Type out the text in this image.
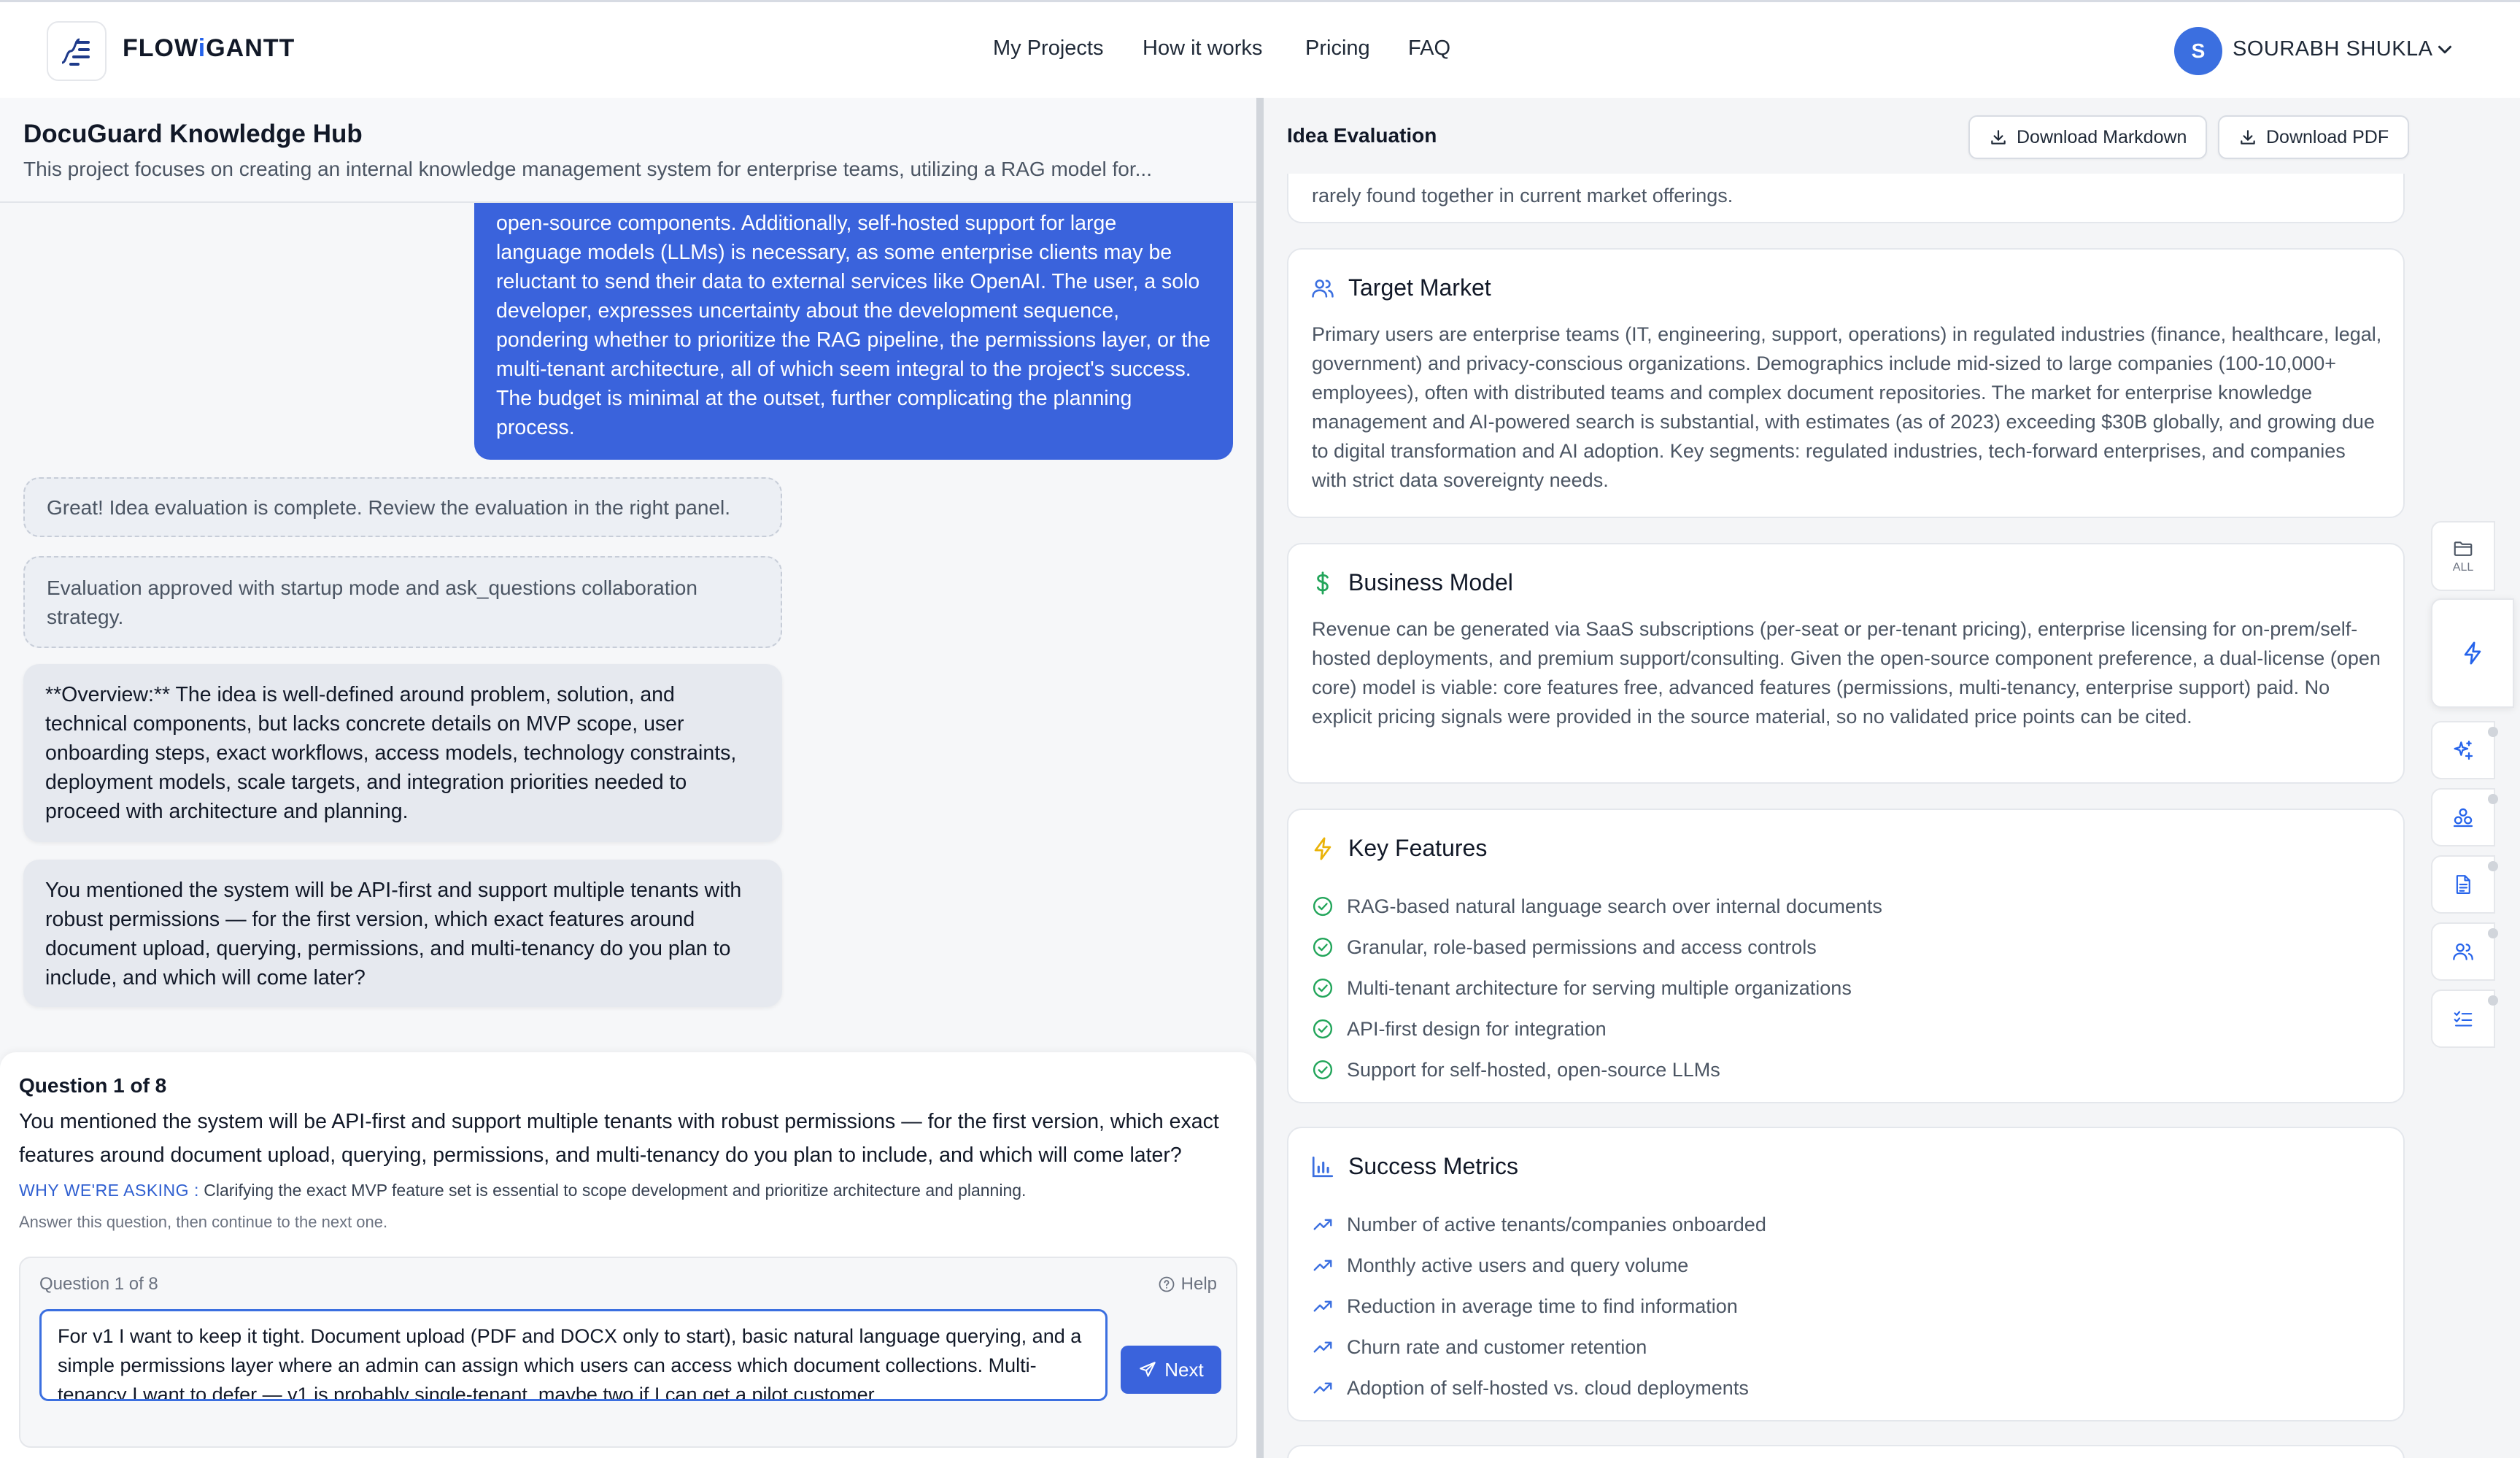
FLOWiGANTT	My Projects How it works Pricing FAQ	S	SOURABH SHUKLA
DocuGuard Knowledge Hub
This project focuses on creating an internal knowledge management system for enterprise teams, utilizing a RAG model for...
open-source components. Additionally, self-hosted support for large
language models (LLMs) is necessary, as some enterprise clients may be
reluctant to send their data to external services like OpenAI. The user, a solo
developer, expresses uncertainty about the development sequence,
pondering whether to prioritize the RAG pipeline, the permissions layer, or the
multi-tenant architecture, all of which seem integral to the project's success.
The budget is minimal at the outset, further complicating the planning
process.
Great! Idea evaluation is complete. Review the evaluation in the right panel.
Evaluation approved with startup mode and ask_questions collaboration strategy.
**Overview:** The idea is well-defined around problem, solution, and technical components, but lacks concrete details on MVP scope, user onboarding steps, exact workflows, access models, technology constraints, deployment models, scale targets, and integration priorities needed to proceed with architecture and planning.
You mentioned the system will be API-first and support multiple tenants with robust permissions — for the first version, which exact features around document upload, querying, permissions, and multi-tenancy do you plan to include, and which will come later?
Question 1 of 8
You mentioned the system will be API-first and support multiple tenants with robust permissions — for the first version, which exact features around document upload, querying, permissions, and multi-tenancy do you plan to include, and which will come later?
WHY WE'RE ASKING : Clarifying the exact MVP feature set is essential to scope development and prioritize architecture and planning.
Answer this question, then continue to the next one.
Question 1 of 8	Help
For v1 I want to keep it tight. Document upload (PDF and DOCX only to start), basic natural language querying, and a simple permissions layer where an admin can assign which users can access which document collections. Multi-tenancy I want to defer — v1 is probably single-tenant, maybe two if I can get a pilot customer
Next
rarely found together in current market offerings.
Idea Evaluation	Download Markdown	Download PDF
Target Market
Primary users are enterprise teams (IT, engineering, support, operations) in regulated industries (finance, healthcare, legal, government) and privacy-conscious organizations. Demographics include mid-sized to large companies (100-10,000+ employees), often with distributed teams and complex document repositories. The market for enterprise knowledge management and AI-powered search is substantial, with estimates (as of 2023) exceeding $30B globally, and growing due to digital transformation and AI adoption. Key segments: regulated industries, tech-forward enterprises, and companies with strict data sovereignty needs.
Business Model
Revenue can be generated via SaaS subscriptions (per-seat or per-tenant pricing), enterprise licensing for on-prem/self-hosted deployments, and premium support/consulting. Given the open-source component preference, a dual-license (open core) model is viable: core features free, advanced features (permissions, multi-tenancy, enterprise support) paid. No explicit pricing signals were provided in the source material, so no validated price points can be cited.
Key Features
RAG-based natural language search over internal documents
Granular, role-based permissions and access controls
Multi-tenant architecture for serving multiple organizations
API-first design for integration
Support for self-hosted, open-source LLMs
Success Metrics
Number of active tenants/companies onboarded
Monthly active users and query volume
Reduction in average time to find information
Churn rate and customer retention
Adoption of self-hosted vs. cloud deployments
ALL
